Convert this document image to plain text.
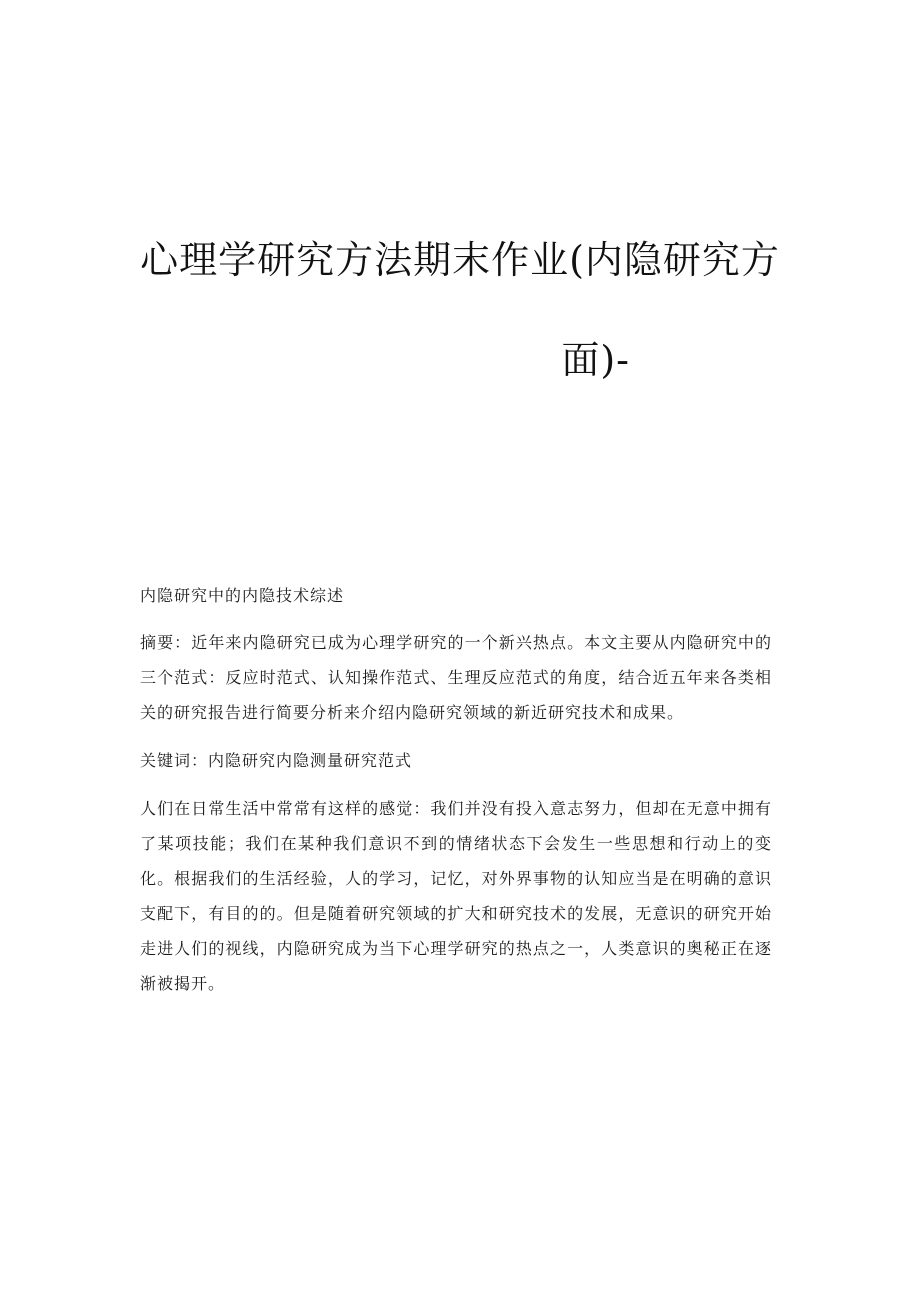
心理学研究方法期末作业(内隐研究方
面)-

内隐研究中的内隐技术综述

摘要：近年来内隐研究已成为心理学研究的一个新兴热点。本文主要从内隐研究中的三个范式：反应时范式、认知操作范式、生理反应范式的角度，结合近五年来各类相关的研究报告进行简要分析来介绍内隐研究领域的新近研究技术和成果。

关键词：内隐研究内隐测量研究范式

人们在日常生活中常常有这样的感觉：我们并没有投入意志努力，但却在无意中拥有了某项技能；我们在某种我们意识不到的情绪状态下会发生一些思想和行动上的变化。根据我们的生活经验，人的学习，记忆，对外界事物的认知应当是在明确的意识支配下，有目的的。但是随着研究领域的扩大和研究技术的发展，无意识的研究开始走进人们的视线，内隐研究成为当下心理学研究的热点之一，人类意识的奥秘正在逐渐被揭开。
